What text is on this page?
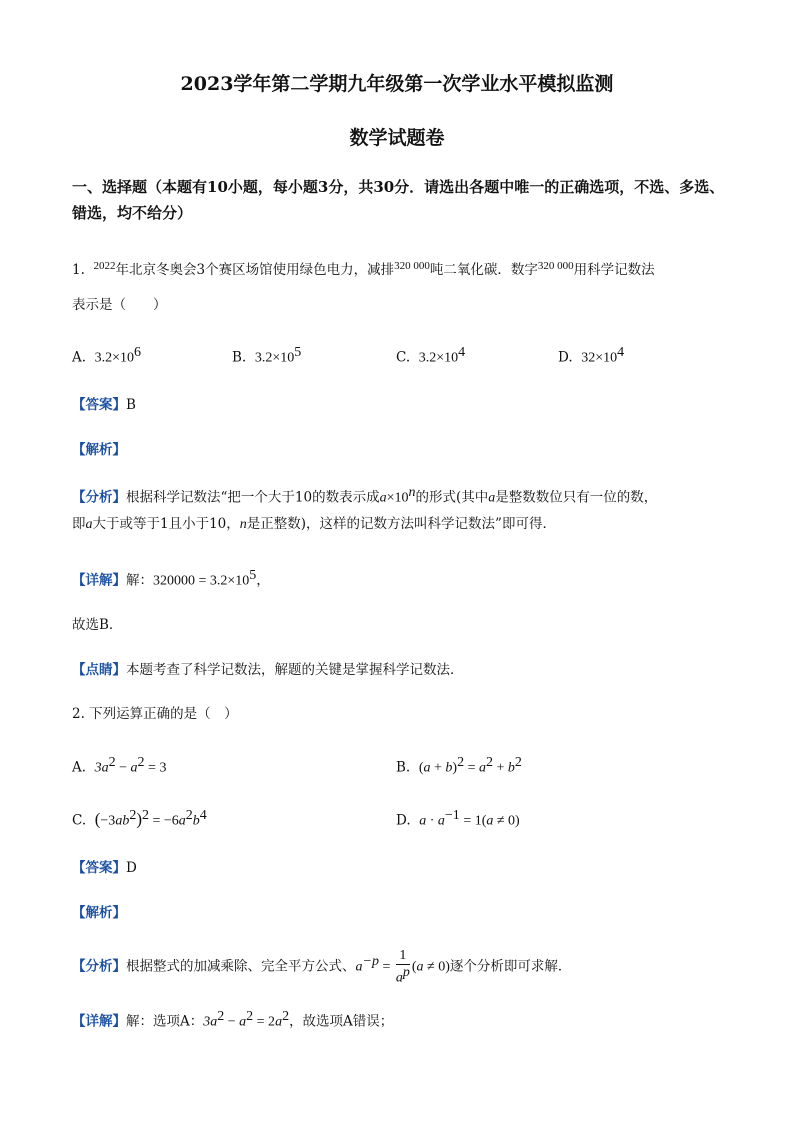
2023学年第二学期九年级第一次学业水平模拟监测
数学试题卷
一、选择题（本题有10小题，每小题3分，共30分．请选出各题中唯一的正确选项，不选、多选、错选，均不给分）
1. $^{2022}$年北京冬奥会3个赛区场馆使用绿色电力，减排$^{320 000}$吨二氧化碳．数字$^{320 000}$用科学记数法
表示是（　　）
A. $3.2\times 10^6$	B. $3.2\times 10^5$	C. $3.2\times 10^4$	D. $32\times 10^4$
【答案】B
【解析】
【分析】根据科学记数法“把一个大于10的数表示成$a\times 10^n$的形式(其中a是整数数位只有一位的数，
即a大于或等于1且小于10，n是正整数)，这样的记数方法叫科学记数法”即可得．
【详解】解：$320000 = 3.2\times 10^5$，
故选B．
【点睛】本题考查了科学记数法，解题的关键是掌握科学记数法．
2. 下列运算正确的是（　）
A. $3a^2 - a^2 = 3$	B. $(a + b)^2 = a^2 + b^2$
C. $(-3ab^2)^2 = -6a^2b^4$	D. $a \cdot a^{-1} = 1(a \ne 0)$
【答案】D
【解析】
【分析】根据整式的加减乘除、完全平方公式、$a^{-p} = \frac{1}{a^p} (a \ne 0)$逐个分析即可求解．
【详解】解：选项A：$3a^2 - a^2 = 2a^2$，故选项A错误；
